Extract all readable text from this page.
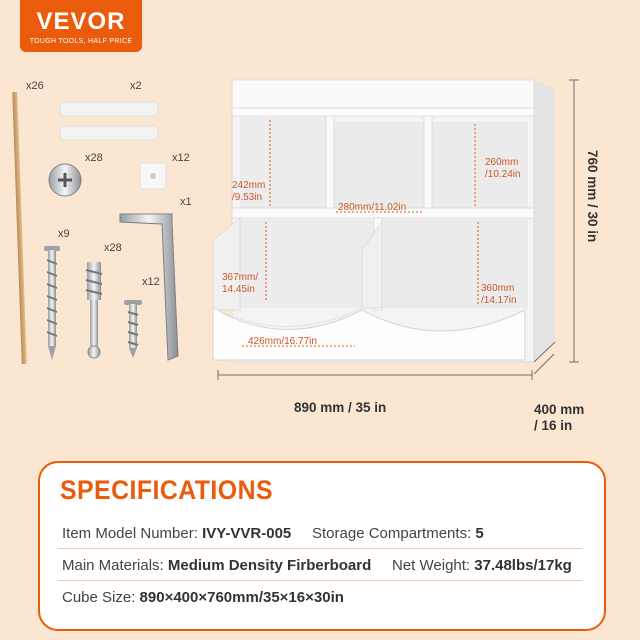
VEVOR
TOUGH TOOLS, HALF PRICE
x26	x2
x28	x12
x1
x9
x28
x12
242mm
/9.53in
260mm
/10.24in
280mm/11.02in
367mm/
14.45in	360mm
/14.17in
426mm/16.77in
890 mm / 35 in	400 mm
/ 16 in
760 mm / 30 in
SPECIFICATIONS
Item Model Number: IVY-VVR-005 Storage Compartments: 5
Main Materials: Medium Density Firberboard Net Weight: 37.48lbs/17kg
Cube Size: 890×400×760mm/35×16×30in
